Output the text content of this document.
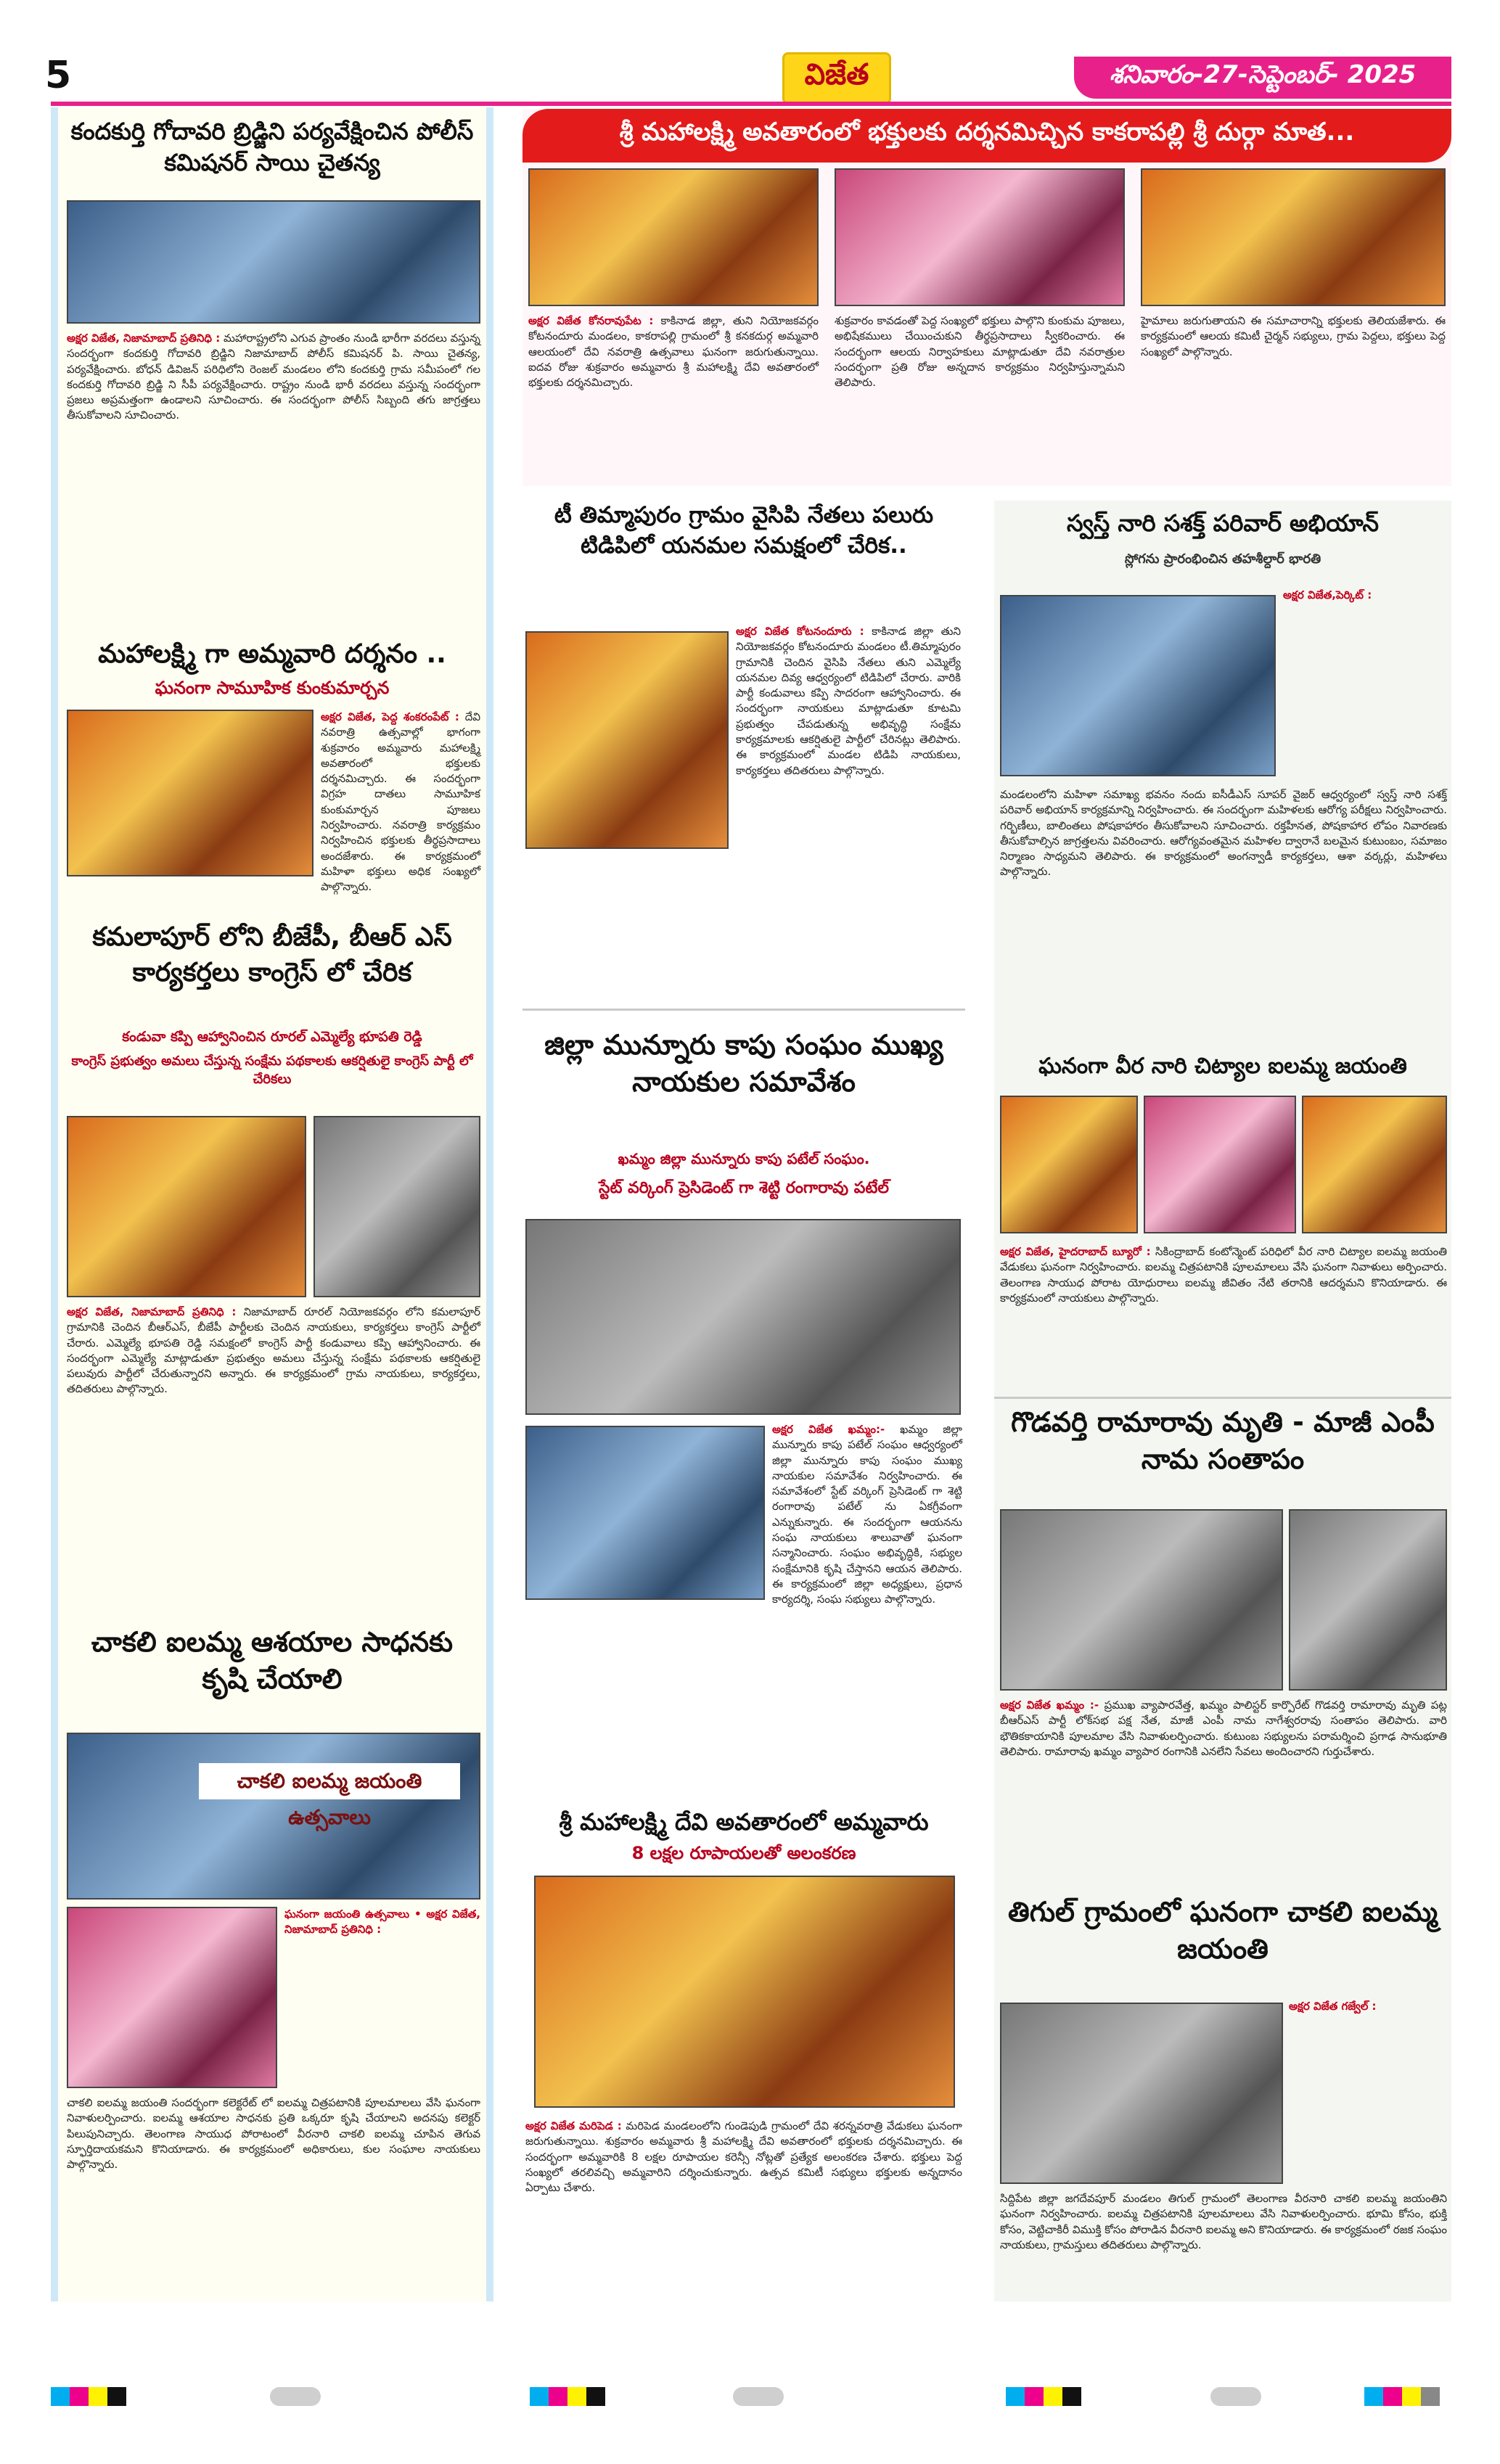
5	విజేత	శనివారం-27-సెప్టెంబర్- 2025
కందకుర్తి గోదావరి బ్రిడ్జిని పర్యవేక్షించిన పోలీస్ కమిషనర్ సాయి చైతన్య
అక్షర విజేత, నిజామాబాద్ ప్రతినిధి : మహారాష్ట్రలోని ఎగువ ప్రాంతం నుండి భారీగా వరదలు వస్తున్న సందర్భంగా కందకుర్తి గోదావరి బ్రిడ్జిని నిజామాబాద్ పోలీస్ కమిషనర్ పి. సాయి చైతన్య, పర్యవేక్షించారు. బోధన్ డివిజన్ పరిధిలోని రెంజల్ మండలం లోని కందకుర్తి గ్రామ సమీపంలో గల కందకుర్తి గోదావరి బ్రిడ్జి ని సీపీ పర్యవేక్షించారు. రాష్ట్రం నుండి భారీ వరదలు వస్తున్న సందర్భంగా ప్రజలు అప్రమత్తంగా ఉండాలని సూచించారు. ఈ సందర్భంగా పోలీస్ సిబ్బంది తగు జాగ్రత్తలు తీసుకోవాలని సూచించారు.
మహాలక్ష్మి గా అమ్మవారి దర్శనం ..
ఘనంగా సామూహిక కుంకుమార్చన
అక్షర విజేత, పెద్ద శంకరంపేట్ : దేవి నవరాత్రి ఉత్సవాల్లో భాగంగా శుక్రవారం అమ్మవారు మహాలక్ష్మి అవతారంలో భక్తులకు దర్శనమిచ్చారు. ఈ సందర్భంగా విగ్రహ దాతలు సామూహిక కుంకుమార్చన పూజలు నిర్వహించారు. నవరాత్రి కార్యక్రమం నిర్వహించిన భక్తులకు తీర్థప్రసాదాలు అందజేశారు. ఈ కార్యక్రమంలో మహిళా భక్తులు అధిక సంఖ్యలో పాల్గొన్నారు.
కమలాపూర్ లోని బీజేపీ, బీఆర్ ఎస్ కార్యకర్తలు కాంగ్రెస్ లో చేరిక
కండువా కప్పి ఆహ్వానించిన రూరల్ ఎమ్మెల్యే భూపతి రెడ్డి
కాంగ్రెస్ ప్రభుత్వం అమలు చేస్తున్న సంక్షేమ పథకాలకు ఆకర్షితులై కాంగ్రెస్ పార్టీ లో చేరికలు
అక్షర విజేత, నిజామాబాద్ ప్రతినిధి : నిజామాబాద్ రూరల్ నియోజకవర్గం లోని కమలాపూర్ గ్రామానికి చెందిన బీఆర్ఎస్, బీజేపీ పార్టీలకు చెందిన నాయకులు, కార్యకర్తలు కాంగ్రెస్ పార్టీలో చేరారు. ఎమ్మెల్యే భూపతి రెడ్డి సమక్షంలో కాంగ్రెస్ పార్టీ కండువాలు కప్పి ఆహ్వానించారు. ఈ సందర్భంగా ఎమ్మెల్యే మాట్లాడుతూ ప్రభుత్వం అమలు చేస్తున్న సంక్షేమ పథకాలకు ఆకర్షితులై పలువురు పార్టీలో చేరుతున్నారని అన్నారు. ఈ కార్యక్రమంలో గ్రామ నాయకులు, కార్యకర్తలు, తదితరులు పాల్గొన్నారు.
చాకలి ఐలమ్మ ఆశయాల సాధనకు కృషి చేయాలి
చాకలి ఐలమ్మ జయంతి ఉత్సవాలు
ఘనంగా జయంతి ఉత్సవాలు • అక్షర విజేత, నిజామాబాద్ ప్రతినిధి :
చాకలి ఐలమ్మ జయంతి సందర్భంగా కలెక్టరేట్ లో ఐలమ్మ చిత్రపటానికి పూలమాలలు వేసి ఘనంగా నివాళులర్పించారు. ఐలమ్మ ఆశయాల సాధనకు ప్రతి ఒక్కరూ కృషి చేయాలని అదనపు కలెక్టర్ పిలుపునిచ్చారు. తెలంగాణ సాయుధ పోరాటంలో వీరనారి చాకలి ఐలమ్మ చూపిన తెగువ స్ఫూర్తిదాయకమని కొనియాడారు. ఈ కార్యక్రమంలో అధికారులు, కుల సంఘాల నాయకులు పాల్గొన్నారు.
శ్రీ మహాలక్ష్మి అవతారంలో భక్తులకు దర్శనమిచ్చిన కాకరాపల్లి శ్రీ దుర్గా మాత...
అక్షర విజేత కోనరావుపేట : కాకినాడ జిల్లా, తుని నియోజకవర్గం కోటనందూరు మండలం, కాకరాపల్లి గ్రామంలో శ్రీ కనకదుర్గ అమ్మవారి ఆలయంలో దేవి నవరాత్రి ఉత్సవాలు ఘనంగా జరుగుతున్నాయి. ఐదవ రోజు శుక్రవారం అమ్మవారు శ్రీ మహాలక్ష్మి దేవి అవతారంలో భక్తులకు దర్శనమిచ్చారు.
శుక్రవారం కావడంతో పెద్ద సంఖ్యలో భక్తులు పాల్గొని కుంకుమ పూజలు, అభిషేకములు చేయించుకుని తీర్థప్రసాదాలు స్వీకరించారు. ఈ సందర్భంగా ఆలయ నిర్వాహకులు మాట్లాడుతూ దేవి నవరాత్రుల సందర్భంగా ప్రతి రోజు అన్నదాన కార్యక్రమం నిర్వహిస్తున్నామని తెలిపారు.
హైమాలు జరుగుతాయని ఈ సమాచారాన్ని భక్తులకు తెలియజేశారు. ఈ కార్యక్రమంలో ఆలయ కమిటీ చైర్మన్ సభ్యులు, గ్రామ పెద్దలు, భక్తులు పెద్ద సంఖ్యలో పాల్గొన్నారు.
టీ తిమ్మాపురం గ్రామం వైసిపి నేతలు పలురు టిడిపిలో యనమల సమక్షంలో చేరిక..
అక్షర విజేత కోటనందూరు : కాకినాడ జిల్లా తుని నియోజకవర్గం కోటనందూరు మండలం టీ.తిమ్మాపురం గ్రామానికి చెందిన వైసిపి నేతలు తుని ఎమ్మెల్యే యనమల దివ్య ఆధ్వర్యంలో టిడిపిలో చేరారు. వారికి పార్టీ కండువాలు కప్పి సాదరంగా ఆహ్వానించారు. ఈ సందర్భంగా నాయకులు మాట్లాడుతూ కూటమి ప్రభుత్వం చేపడుతున్న అభివృద్ధి సంక్షేమ కార్యక్రమాలకు ఆకర్షితులై పార్టీలో చేరినట్లు తెలిపారు. ఈ కార్యక్రమంలో మండల టిడిపి నాయకులు, కార్యకర్తలు తదితరులు పాల్గొన్నారు.
జిల్లా మున్నూరు కాపు సంఘం ముఖ్య నాయకుల సమావేశం
ఖమ్మం జిల్లా మున్నూరు కాపు పటేల్ సంఘం.
స్టేట్ వర్కింగ్ ప్రెసిడెంట్ గా శెట్టి రంగారావు పటేల్
అక్షర విజేత ఖమ్మం:- ఖమ్మం జిల్లా మున్నూరు కాపు పటేల్ సంఘం ఆధ్వర్యంలో జిల్లా మున్నూరు కాపు సంఘం ముఖ్య నాయకుల సమావేశం నిర్వహించారు. ఈ సమావేశంలో స్టేట్ వర్కింగ్ ప్రెసిడెంట్ గా శెట్టి రంగారావు పటేల్ ను ఏకగ్రీవంగా ఎన్నుకున్నారు. ఈ సందర్భంగా ఆయనను సంఘ నాయకులు శాలువాతో ఘనంగా సన్మానించారు. సంఘం అభివృద్ధికి, సభ్యుల సంక్షేమానికి కృషి చేస్తానని ఆయన తెలిపారు. ఈ కార్యక్రమంలో జిల్లా అధ్యక్షులు, ప్రధాన కార్యదర్శి, సంఘ సభ్యులు పాల్గొన్నారు.
శ్రీ మహాలక్ష్మి దేవి అవతారంలో అమ్మవారు
8 లక్షల రూపాయలతో అలంకరణ
అక్షర విజేత మరిపెడ : మరిపెడ మండలంలోని గుండెపుడి గ్రామంలో దేవి శరన్నవరాత్రి వేడుకలు ఘనంగా జరుగుతున్నాయి. శుక్రవారం అమ్మవారు శ్రీ మహాలక్ష్మి దేవి అవతారంలో భక్తులకు దర్శనమిచ్చారు. ఈ సందర్భంగా అమ్మవారికి 8 లక్షల రూపాయల కరెన్సీ నోట్లతో ప్రత్యేక అలంకరణ చేశారు. భక్తులు పెద్ద సంఖ్యలో తరలివచ్చి అమ్మవారిని దర్శించుకున్నారు. ఉత్సవ కమిటీ సభ్యులు భక్తులకు అన్నదానం ఏర్పాటు చేశారు.
స్వస్త్ నారి సశక్త్ పరివార్ అభియాన్
స్లోగను ప్రారంభించిన తహశీల్దార్ భారతి
అక్షర విజేత,పెర్కిట్ :
మండలంలోని మహిళా సమాఖ్య భవనం నందు ఐసీడీఎస్ సూపర్ వైజర్ ఆధ్వర్యంలో స్వస్త్ నారి సశక్త్ పరివార్ అభియాన్ కార్యక్రమాన్ని నిర్వహించారు. ఈ సందర్భంగా మహిళలకు ఆరోగ్య పరీక్షలు నిర్వహించారు. గర్భిణీలు, బాలింతలు పోషకాహారం తీసుకోవాలని సూచించారు. రక్తహీనత, పోషకాహార లోపం నివారణకు తీసుకోవాల్సిన జాగ్రత్తలను వివరించారు. ఆరోగ్యవంతమైన మహిళల ద్వారానే బలమైన కుటుంబం, సమాజం నిర్మాణం సాధ్యమని తెలిపారు. ఈ కార్యక్రమంలో అంగన్వాడీ కార్యకర్తలు, ఆశా వర్కర్లు, మహిళలు పాల్గొన్నారు.
ఘనంగా వీర నారి చిట్యాల ఐలమ్మ జయంతి
అక్షర విజేత, హైదరాబాద్ బ్యూరో : సికింద్రాబాద్ కంటోన్మెంట్ పరిధిలో వీర నారి చిట్యాల ఐలమ్మ జయంతి వేడుకలు ఘనంగా నిర్వహించారు. ఐలమ్మ చిత్రపటానికి పూలమాలలు వేసి ఘనంగా నివాళులు అర్పించారు. తెలంగాణ సాయుధ పోరాట యోధురాలు ఐలమ్మ జీవితం నేటి తరానికి ఆదర్శమని కొనియాడారు. ఈ కార్యక్రమంలో నాయకులు పాల్గొన్నారు.
గొడవర్తి రామారావు మృతి - మాజీ ఎంపీ నామ సంతాపం
అక్షర విజేత ఖమ్మం :- ప్రముఖ వ్యాపారవేత్త, ఖమ్మం పాలిస్టర్ కార్పొరేట్ గొడవర్తి రామారావు మృతి పట్ల బీఆర్ఎస్ పార్టీ లోక్‌సభ పక్ష నేత, మాజీ ఎంపీ నామ నాగేశ్వరరావు సంతాపం తెలిపారు. వారి భౌతికకాయానికి పూలమాల వేసి నివాళులర్పించారు. కుటుంబ సభ్యులను పరామర్శించి ప్రగాఢ సానుభూతి తెలిపారు. రామారావు ఖమ్మం వ్యాపార రంగానికి ఎనలేని సేవలు అందించారని గుర్తుచేశారు.
తిగుల్ గ్రామంలో ఘనంగా చాకలి ఐలమ్మ జయంతి
అక్షర విజేత గజ్వేల్ :
సిద్దిపేట జిల్లా జగదేవపూర్ మండలం తిగుల్ గ్రామంలో తెలంగాణ వీరనారి చాకలి ఐలమ్మ జయంతిని ఘనంగా నిర్వహించారు. ఐలమ్మ చిత్రపటానికి పూలమాలలు వేసి నివాళులర్పించారు. భూమి కోసం, భుక్తి కోసం, వెట్టిచాకిరీ విముక్తి కోసం పోరాడిన వీరనారి ఐలమ్మ అని కొనియాడారు. ఈ కార్యక్రమంలో రజక సంఘం నాయకులు, గ్రామస్తులు తదితరులు పాల్గొన్నారు.
